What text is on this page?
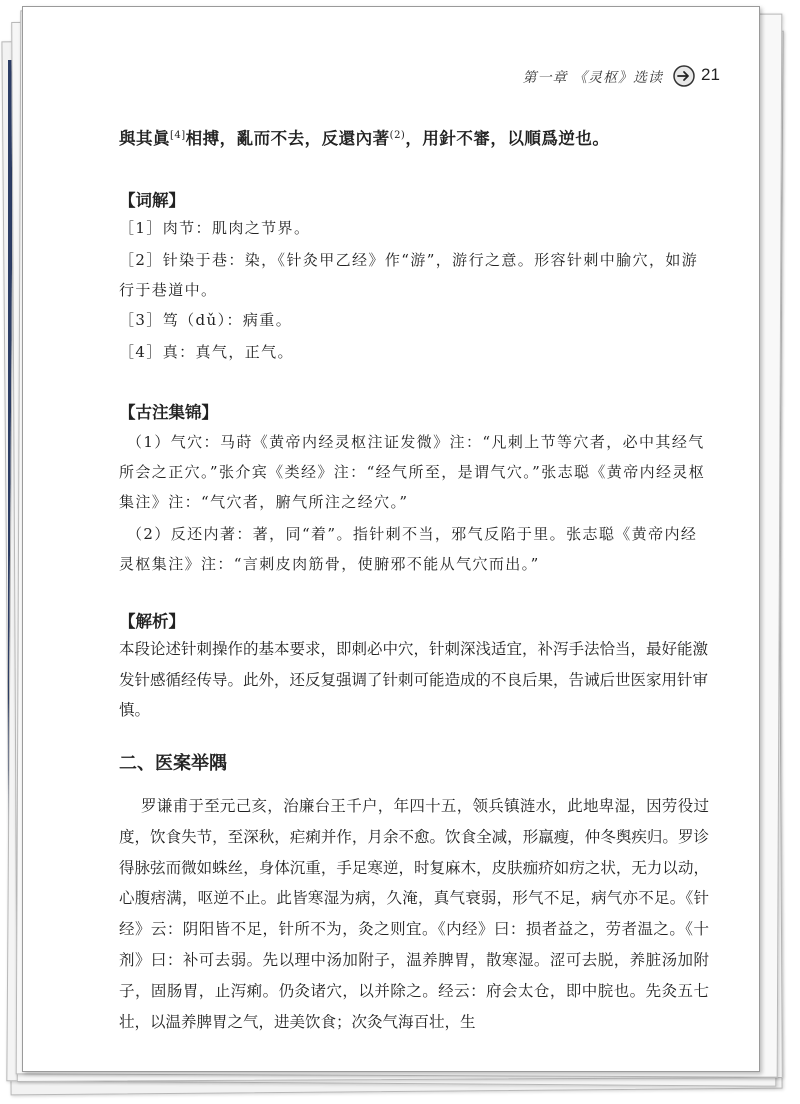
第一章 《灵枢》选读 21
與其眞[4]相搏，亂而不去，反還內著$^{(2)}$，用針不審，以順爲逆也。
【词解】
［1］肉节：肌肉之节界。
［2］针染于巷：染，《针灸甲乙经》作“游”，游行之意。形容针刺中腧穴，如游行于巷道中。
［3］笃（dǔ）：病重。
［4］真：真气，正气。
【古注集锦】
（1）气穴：马莳《黄帝内经灵枢注证发微》注：“凡刺上节等穴者，必中其经气所会之正穴。”张介宾《类经》注：“经气所至，是谓气穴。”张志聪《黄帝内经灵枢集注》注：“气穴者，腑气所注之经穴。”
（2）反还内著：著，同“着”。指针刺不当，邪气反陷于里。张志聪《黄帝内经灵枢集注》注：“言刺皮肉筋骨，使腑邪不能从气穴而出。”
【解析】
本段论述针刺操作的基本要求，即刺必中穴，针刺深浅适宜，补泻手法恰当，最好能激发针感循经传导。此外，还反复强调了针刺可能造成的不良后果，告诫后世医家用针审慎。
二、医案举隅
罗谦甫于至元己亥，治廉台王千户，年四十五，领兵镇涟水，此地卑湿，因劳役过度，饮食失节，至深秋，疟痢并作，月余不愈。饮食全减，形羸瘦，仲冬舆疾归。罗诊得脉弦而微如蛛丝，身体沉重，手足寒逆，时复麻木，皮肤痂疥如疠之状，无力以动，心腹痞满，呕逆不止。此皆寒湿为病，久淹，真气衰弱，形气不足，病气亦不足。《针经》云：阴阳皆不足，针所不为，灸之则宜。《内经》曰：损者益之，劳者温之。《十剂》曰：补可去弱。先以理中汤加附子，温养脾胃，散寒湿。涩可去脱，养脏汤加附子，固肠胃，止泻痢。仍灸诸穴，以并除之。经云：府会太仓，即中脘也。先灸五七壮，以温养脾胃之气，进美饮食；次灸气海百壮，生
